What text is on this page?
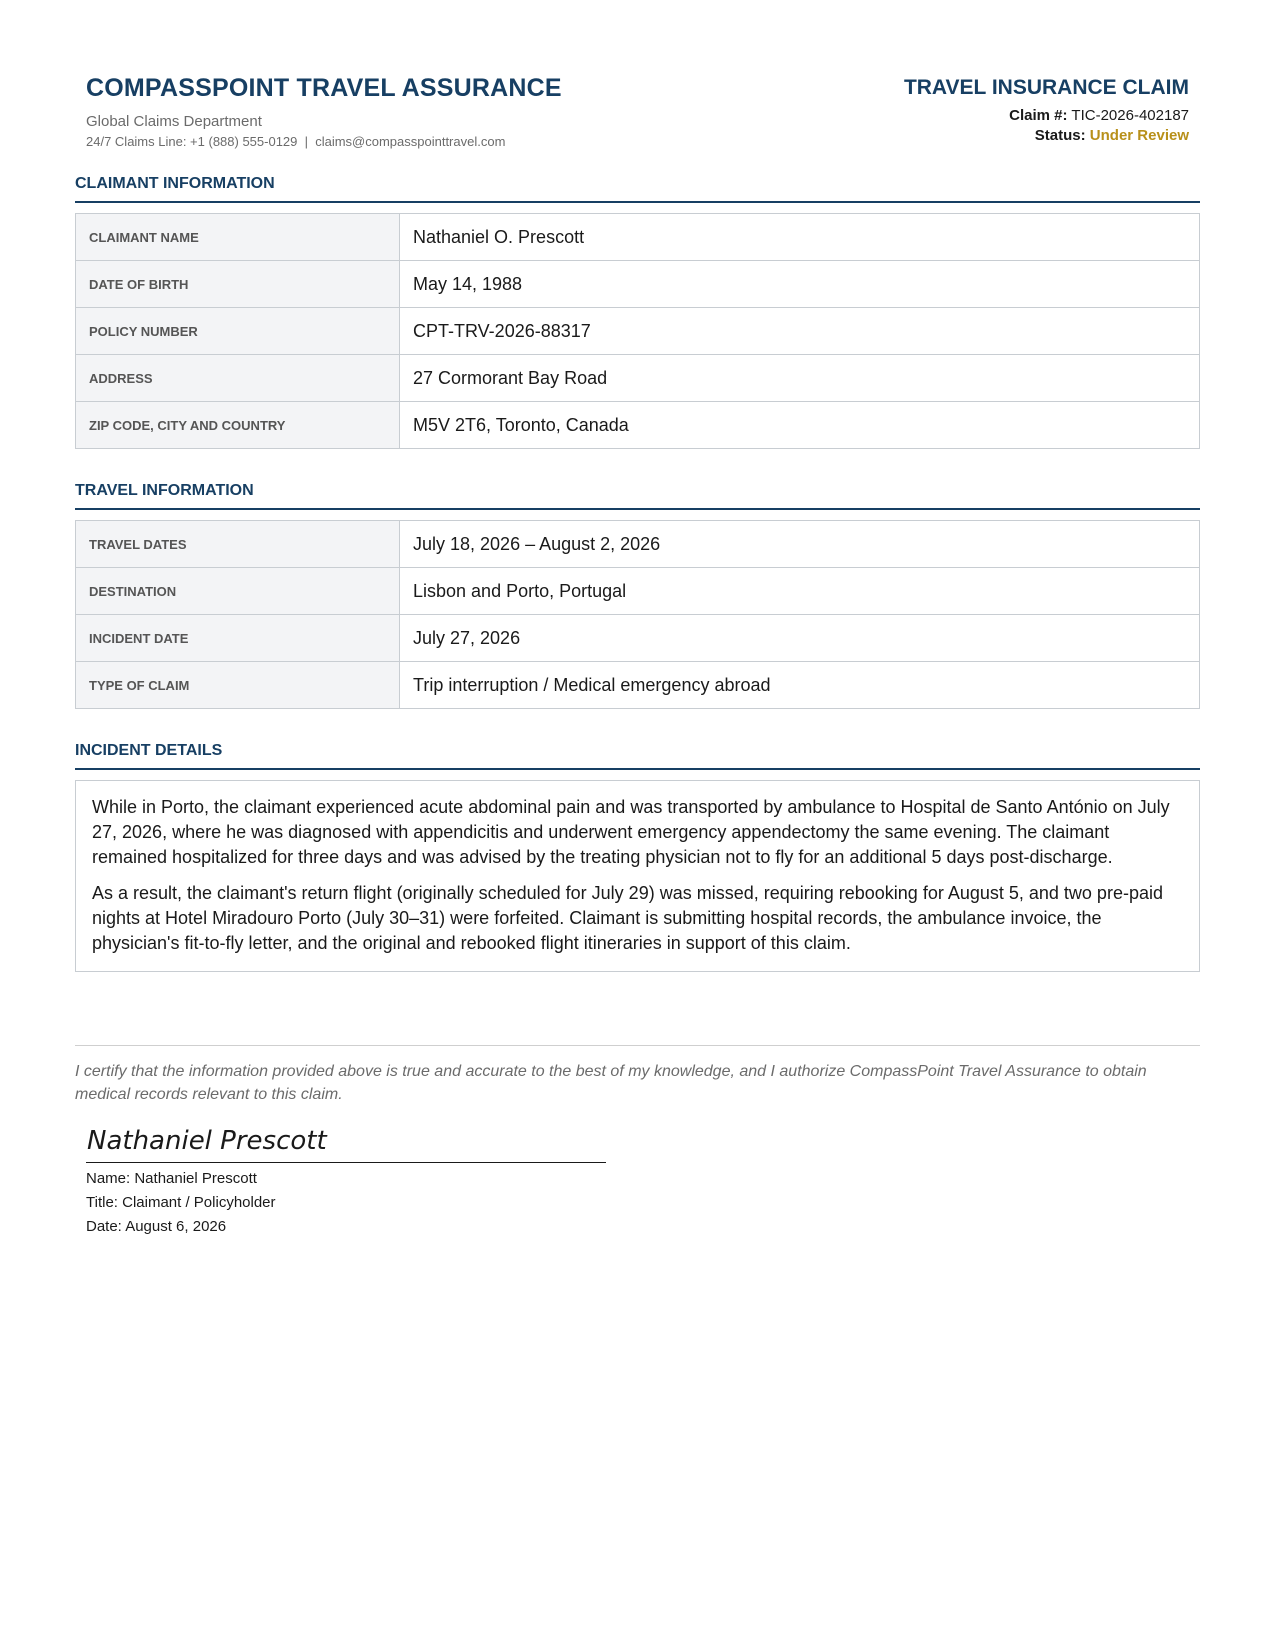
COMPASSPOINT TRAVEL ASSURANCE
Global Claims Department
24/7 Claims Line: +1 (888) 555-0129  |  claims@compasspointtravel.com
TRAVEL INSURANCE CLAIM
Claim #: TIC-2026-402187
Status: Under Review
CLAIMANT INFORMATION
CLAIMANT NAME	Nathaniel O. Prescott
DATE OF BIRTH	May 14, 1988
POLICY NUMBER	CPT-TRV-2026-88317
ADDRESS	27 Cormorant Bay Road
ZIP CODE, CITY AND COUNTRY	M5V 2T6, Toronto, Canada
TRAVEL INFORMATION
TRAVEL DATES	July 18, 2026 – August 2, 2026
DESTINATION	Lisbon and Porto, Portugal
INCIDENT DATE	July 27, 2026
TYPE OF CLAIM	Trip interruption / Medical emergency abroad
INCIDENT DETAILS

While in Porto, the claimant experienced acute abdominal pain and was transported by ambulance to Hospital de Santo António on July 27, 2026, where he was diagnosed with appendicitis and underwent emergency appendectomy the same evening. The claimant remained hospitalized for three days and was advised by the treating physician not to fly for an additional 5 days post-discharge.

As a result, the claimant's return flight (originally scheduled for July 29) was missed, requiring rebooking for August 5, and two pre-paid nights at Hotel Miradouro Porto (July 30–31) were forfeited. Claimant is submitting hospital records, the ambulance invoice, the physician's fit-to-fly letter, and the original and rebooked flight itineraries in support of this claim.

I certify that the information provided above is true and accurate to the best of my knowledge, and I authorize CompassPoint Travel Assurance to obtain medical records relevant to this claim.
Nathaniel Prescott
Name: Nathaniel Prescott
Title: Claimant / Policyholder
Date: August 6, 2026
